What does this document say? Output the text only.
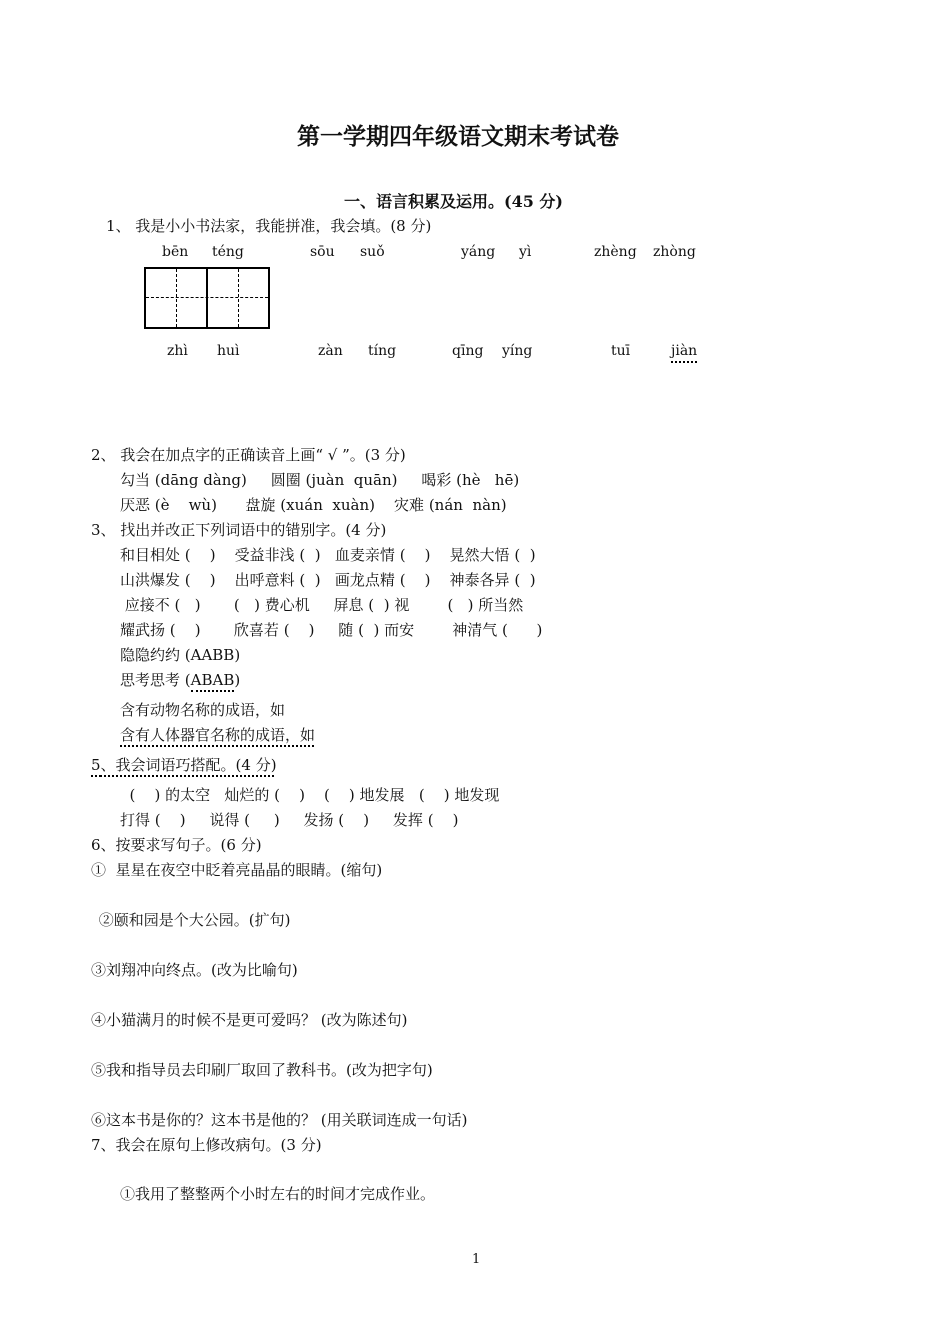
第一学期四年级语文期末考试卷
一、语言积累及运用。(45 分)
1、 我是小小书法家，我能拼准，我会填。(8 分)
bēn téng	sōu suǒ	yáng yì	zhèng zhòng
zhì huì	zàn tíng	qīng yíng	tuī	jiàn
2、 我会在加点字的正确读音上画“ √ ”。(3 分)
勾当 (dāng dàng)     圆圈 (juàn  quān)     喝彩 (hè   hē)
厌恶 (è    wù)      盘旋 (xuán  xuàn)    灾难 (nán  nàn)
3、 找出并改正下列词语中的错别字。(4 分)
和目相处 (    )    受益非浅 (  )   血麦亲情 (    )    晃然大悟 (  )
山洪爆发 (    )    出呼意料 (  )   画龙点精 (    )    神泰各异 (  )
应接不 (   )       (   ) 费心机     屏息 (  ) 视        (   ) 所当然
耀武扬 (    )       欣喜若 (    )     随 (  ) 而安        神清气 (      )
隐隐约约 (AABB)
思考思考 (ABAB)
含有动物名称的成语，如
含有人体器官名称的成语，如
5、我会词语巧搭配。(4 分)
(    ) 的太空   灿烂的 (    )    (    ) 地发展   (    ) 地发现
打得 (    )     说得 (     )     发扬 (    )     发挥 (    )
6、按要求写句子。(6 分)
①  星星在夜空中眨着亮晶晶的眼睛。(缩句)
②颐和园是个大公园。(扩句)
③刘翔冲向终点。(改为比喻句)
④小猫满月的时候不是更可爱吗？ (改为陈述句)
⑤我和指导员去印刷厂取回了教科书。(改为把字句)
⑥这本书是你的？这本书是他的？ (用关联词连成一句话)
7、我会在原句上修改病句。(3 分)
①我用了整整两个小时左右的时间才完成作业。
1
